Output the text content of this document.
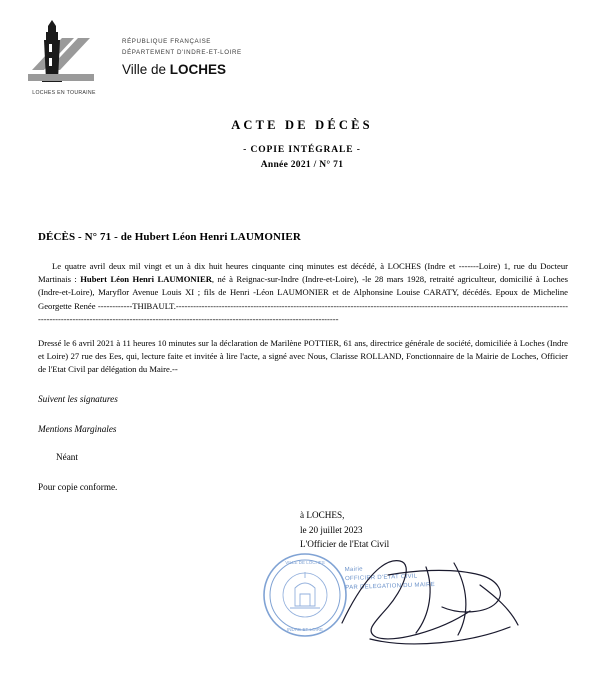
LOCHES EN TOURAINE
RÉPUBLIQUE FRANÇAISE
DÉPARTEMENT D'INDRE-ET-LOIRE
Ville de LOCHES
ACTE DE DÉCÈS
- COPIE INTÉGRALE -
Année 2021 / N° 71
DÉCÈS - N° 71 - de Hubert Léon Henri LAUMONIER
Le quatre avril deux mil vingt et un à dix huit heures cinquante cinq minutes est décédé, à LOCHES (Indre et -------Loire) 1, rue du Docteur Martinais : Hubert Léon Henri LAUMONIER, né à Reignac-sur-Indre (Indre-et-Loire), -le 28 mars 1928, retraité agriculteur, domicilié à Loches (Indre-et-Loire), Maryflor Avenue Louis XI ; fils de Henri -Léon LAUMONIER et de Alphonsine Louise CARATY, décédés. Epoux de Micheline Georgette Renée ------------THIBAULT.--------------------------------------------------------------------------------------------------------------------------------------------------------------------------------------------------------------------------------------------------
Dressé le 6 avril 2021 à 11 heures 10 minutes sur la déclaration de Marilène POTTIER, 61 ans, directrice générale de société, domiciliée à Loches (Indre et Loire) 27 rue des Ees, qui, lecture faite et invitée à lire l'acte, a signé avec Nous, Clarisse ROLLAND, Fonctionnaire de la Mairie de Loches, Officier de l'Etat Civil par délégation du Maire.--
Suivent les signatures
Mentions Marginales
Néant
Pour copie conforme.
à LOCHES,
le 20 juillet 2023
L'Officier de l'Etat Civil
VILLE DE LOCHES
INDRE-ET-LOIRE
Mairie
OFFICIER D'ETAT CIVIL
PAR DELEGATION DU MAIRE
